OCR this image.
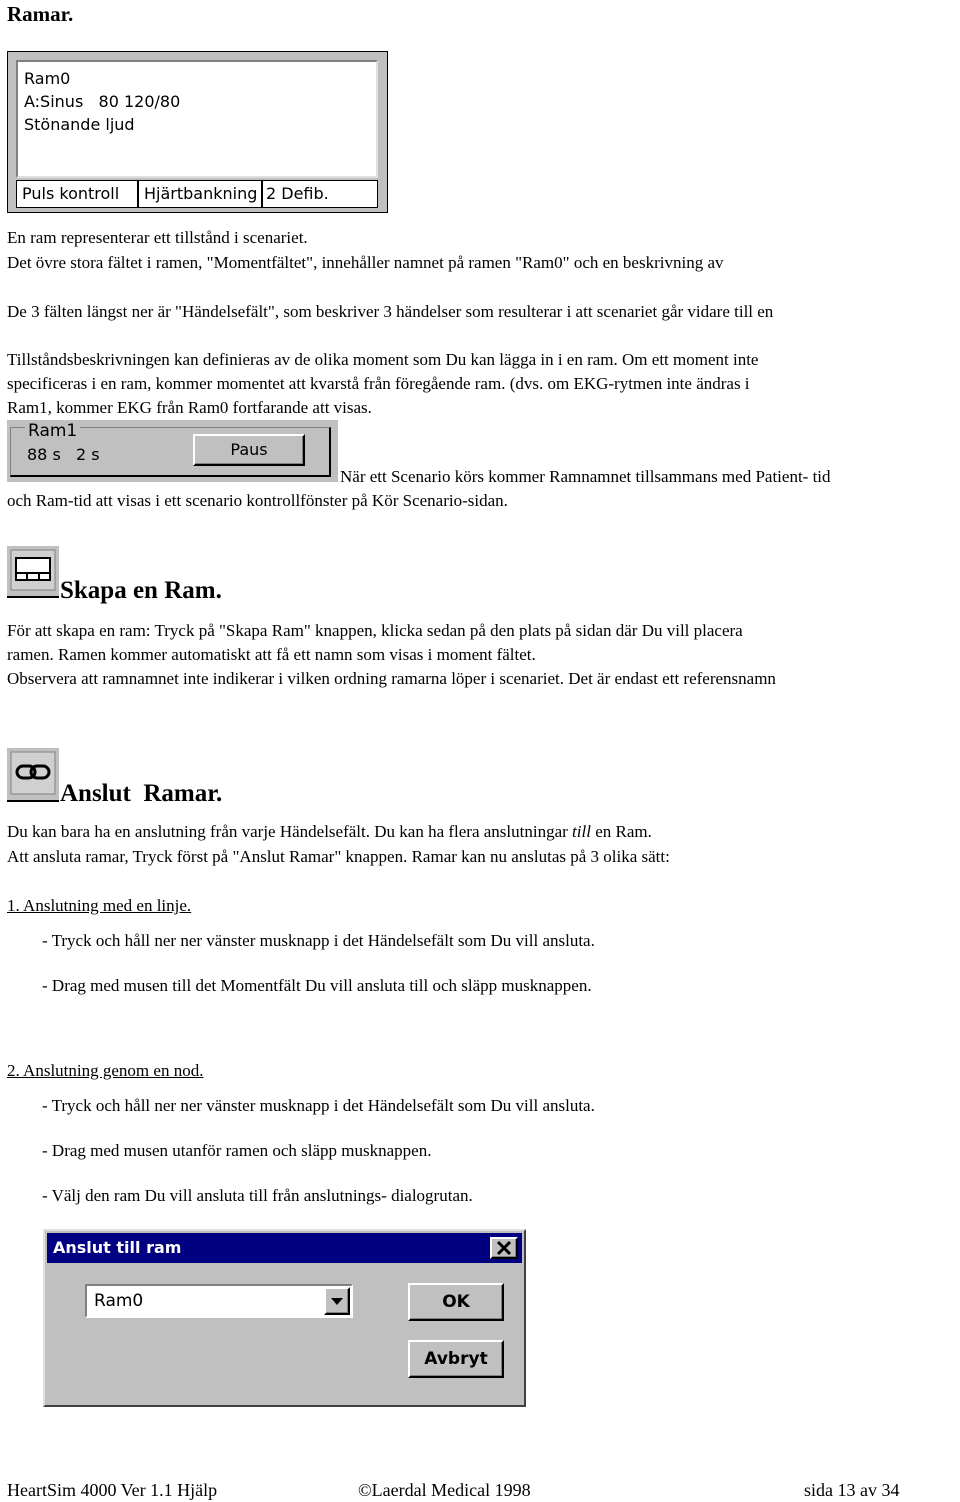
Ramar.
Ram0
A:Sinus   80 120/80
Stönande ljud
Puls kontroll	Hjärtbankning 2 Defib.
En ram representerar ett tillstånd i scenariet.
Det övre stora fältet i ramen, "Momentfältet", innehåller namnet på ramen "Ram0" och en beskrivning av
De 3 fälten längst ner är "Händelsefält", som beskriver 3 händelser som resulterar i att scenariet går vidare till en
Tillståndsbeskrivningen kan definieras av de olika moment som Du kan lägga in i en ram. Om ett moment inte
specificeras i en ram, kommer momentet att kvarstå från föregående ram. (dvs. om EKG-rytmen inte ändras i
Ram1, kommer EKG från Ram0 fortfarande att visas.
Ram1
88 s   2 s	Paus
När ett Scenario körs kommer Ramnamnet tillsammans med Patient- tid
och Ram-tid att visas i ett scenario kontrollfönster på Kör Scenario-sidan.
Skapa en Ram.
För att skapa en ram: Tryck på "Skapa Ram" knappen, klicka sedan på den plats på sidan där Du vill placera
ramen. Ramen kommer automatiskt att få ett namn som visas i moment fältet.
Observera att ramnamnet inte indikerar i vilken ordning ramarna löper i scenariet. Det är endast ett referensnamn
Anslut  Ramar.
Du kan bara ha en anslutning från varje Händelsefält. Du kan ha flera anslutningar till en Ram.
Att ansluta ramar, Tryck först på "Anslut Ramar" knappen. Ramar kan nu anslutas på 3 olika sätt:
1. Anslutning med en linje.
- Tryck och håll ner ner vänster musknapp i det Händelsefält som Du vill ansluta.
- Drag med musen till det Momentfält Du vill ansluta till och släpp musknappen.
2. Anslutning genom en nod.
- Tryck och håll ner ner vänster musknapp i det Händelsefält som Du vill ansluta.
- Drag med musen utanför ramen och släpp musknappen.
- Välj den ram Du vill ansluta till från anslutnings- dialogrutan.
Anslut till ram
Ram0	OK
Avbryt
HeartSim 4000 Ver 1.1 Hjälp	©Laerdal Medical 1998	sida 13 av 34
